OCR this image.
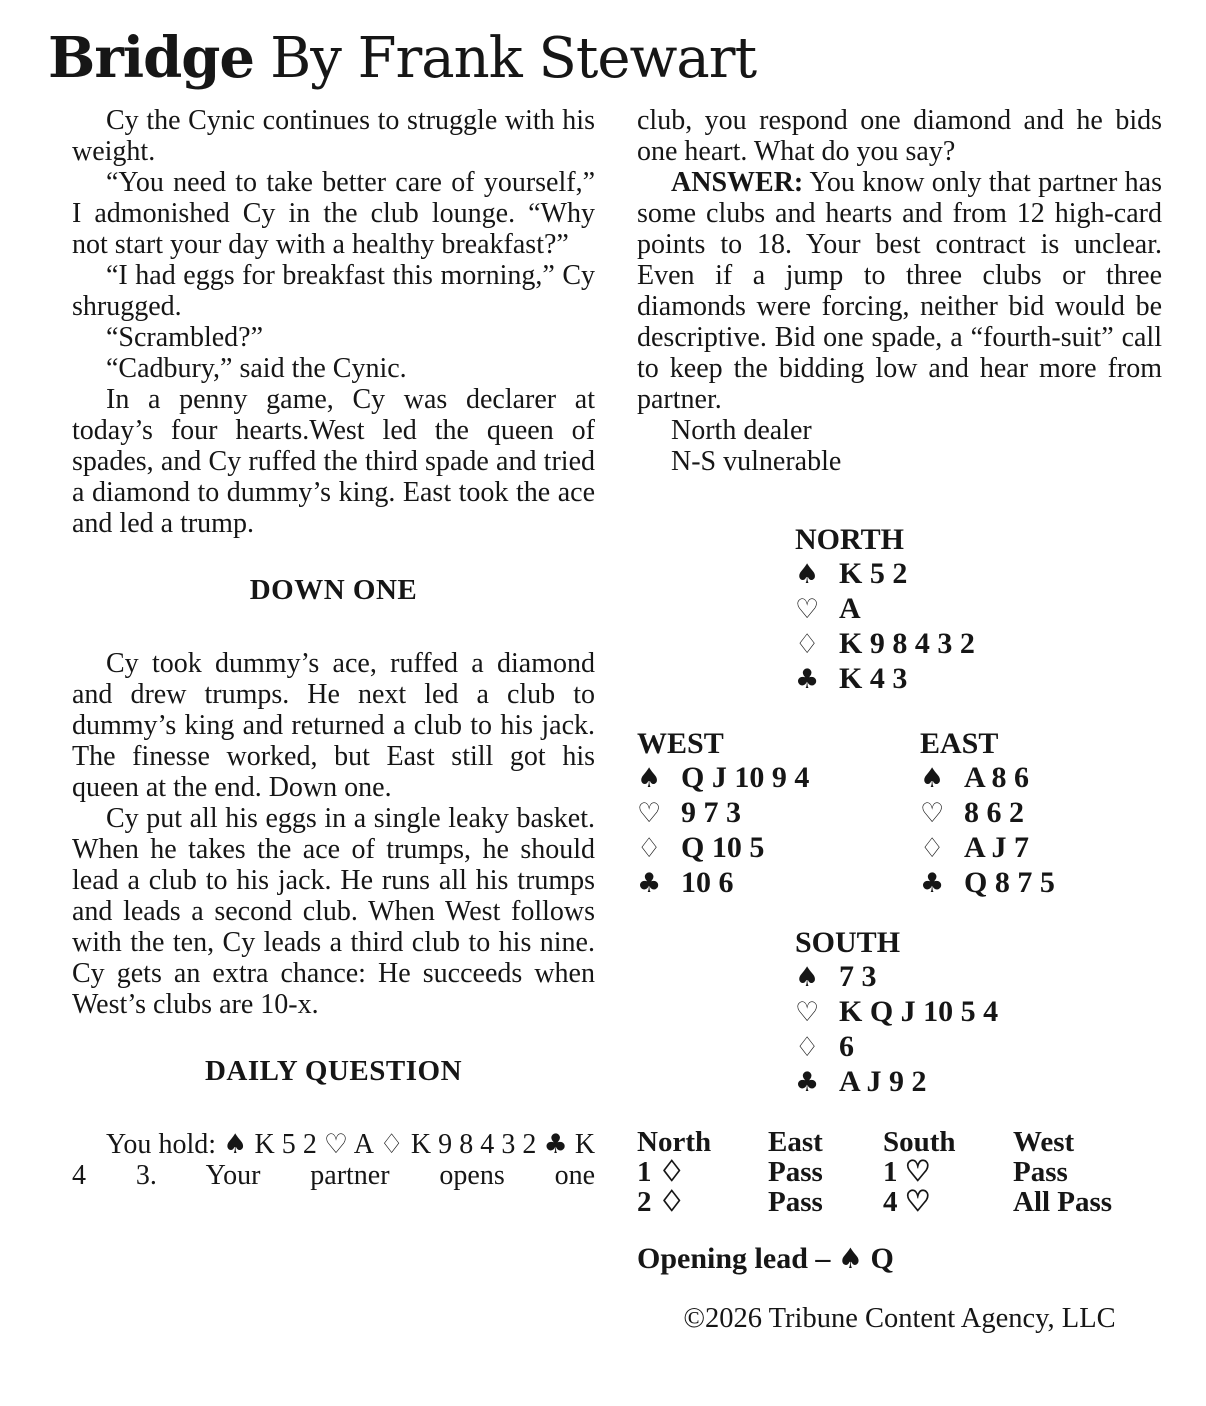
Bridge By Frank Stewart

Cy the Cynic continues to struggle with his weight.

“You need to take better care of yourself,” I admonished Cy in the club lounge. “Why not start your day with a healthy breakfast?”

“I had eggs for breakfast this morning,” Cy shrugged.

“Scrambled?”

“Cadbury,” said the Cynic.

In a penny game, Cy was declarer at today’s four hearts.West led the queen of spades, and Cy ruffed the third spade and tried a diamond to dummy’s king. East took the ace and led a trump.

DOWN ONE

Cy took dummy’s ace, ruffed a diamond and drew trumps. He next led a club to dummy’s king and returned a club to his jack. The finesse worked, but East still got his queen at the end. Down one.

Cy put all his eggs in a single leaky basket. When he takes the ace of trumps, he should lead a club to his jack. He runs all his trumps and leads a second club. When West follows with the ten, Cy leads a third club to his nine. Cy gets an extra chance: He succeeds when West’s clubs are 10-x.

DAILY QUESTION

You hold: ♠ K 5 2 ♡ A ♢ K 9 8 4 3 2 ♣ K 4 3. Your partner opens one

club, you respond one diamond and he bids one heart. What do you say?

ANSWER: You know only that partner has some clubs and hearts and from 12 high-card points to 18. Your best contract is unclear. Even if a jump to three clubs or three diamonds were forcing, neither bid would be descriptive. Bid one spade, a “fourth-suit” call to keep the bidding low and hear more from partner.

North dealer

N-S vulnerable

NORTH
♠ K 5 2
♡ A
♢ K 9 8 4 3 2
♣ K 4 3
WEST
♠ Q J 10 9 4
♡ 9 7 3
♢ Q 10 5
♣ 10 6
EAST
♠ A 8 6
♡ 8 6 2
♢ A J 7
♣ Q 8 7 5
SOUTH
♠ 7 3
♡ K Q J 10 5 4
♢ 6
♣ A J 9 2
North	East	South	West
1 ♢	Pass	1 ♡	Pass
2 ♢	Pass	4 ♡	All Pass
Opening lead – ♠ Q
©2026 Tribune Content Agency, LLC
